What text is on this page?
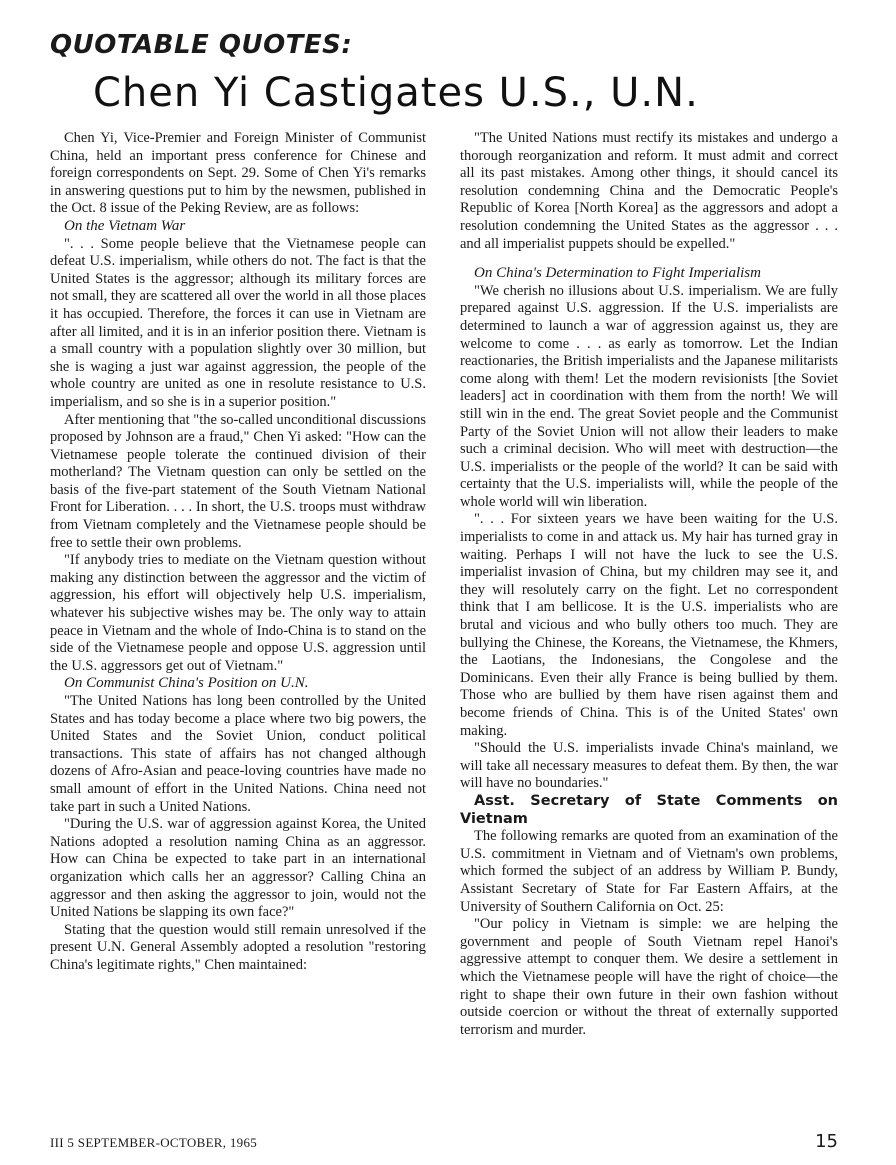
QUOTABLE QUOTES:
Chen Yi Castigates U.S., U.N.

Chen Yi, Vice-Premier and Foreign Minister of Communist China, held an important press conference for Chinese and foreign correspondents on Sept. 29. Some of Chen Yi's remarks in answering questions put to him by the newsmen, published in the Oct. 8 issue of the Peking Review, are as follows:

On the Vietnam War

". . . Some people believe that the Vietnamese people can defeat U.S. imperialism, while others do not. The fact is that the United States is the aggressor; although its military forces are not small, they are scattered all over the world in all those places it has occupied. Therefore, the forces it can use in Vietnam are after all limited, and it is in an inferior position there. Vietnam is a small country with a population slightly over 30 million, but she is waging a just war against aggression, the people of the whole country are united as one in resolute resistance to U.S. imperialism, and so she is in a superior position."

After mentioning that "the so-called unconditional discussions proposed by Johnson are a fraud," Chen Yi asked: "How can the Vietnamese people tolerate the continued division of their motherland? The Vietnam question can only be settled on the basis of the five-part statement of the South Vietnam National Front for Liberation. . . . In short, the U.S. troops must withdraw from Vietnam completely and the Vietnamese people should be free to settle their own problems.

"If anybody tries to mediate on the Vietnam question without making any distinction between the aggressor and the victim of aggression, his effort will objectively help U.S. imperialism, whatever his subjective wishes may be. The only way to attain peace in Vietnam and the whole of Indo-China is to stand on the side of the Vietnamese people and oppose U.S. aggression until the U.S. aggressors get out of Vietnam."

On Communist China's Position on U.N.

"The United Nations has long been controlled by the United States and has today become a place where two big powers, the United States and the Soviet Union, conduct political transactions. This state of affairs has not changed although dozens of Afro-Asian and peace-loving countries have made no small amount of effort in the United Nations. China need not take part in such a United Nations.

"During the U.S. war of aggression against Korea, the United Nations adopted a resolution naming China as an aggressor. How can China be expected to take part in an international organization which calls her an aggressor? Calling China an aggressor and then asking the aggressor to join, would not the United Nations be slapping its own face?"

Stating that the question would still remain unresolved if the present U.N. General Assembly adopted a resolution "restoring China's legitimate rights," Chen maintained:

"The United Nations must rectify its mistakes and undergo a thorough reorganization and reform. It must admit and correct all its past mistakes. Among other things, it should cancel its resolution condemning China and the Democratic People's Republic of Korea [North Korea] as the aggressors and adopt a resolution condemning the United States as the aggressor . . . and all imperialist puppets should be expelled."

On China's Determination to Fight Imperialism

"We cherish no illusions about U.S. imperialism. We are fully prepared against U.S. aggression. If the U.S. imperialists are determined to launch a war of aggression against us, they are welcome to come . . . as early as tomorrow. Let the Indian reactionaries, the British imperialists and the Japanese militarists come along with them! Let the modern revisionists [the Soviet leaders] act in coordination with them from the north! We will still win in the end. The great Soviet people and the Communist Party of the Soviet Union will not allow their leaders to make such a criminal decision. Who will meet with destruction—the U.S. imperialists or the people of the world? It can be said with certainty that the U.S. imperialists will, while the people of the whole world will win liberation.

". . . For sixteen years we have been waiting for the U.S. imperialists to come in and attack us. My hair has turned gray in waiting. Perhaps I will not have the luck to see the U.S. imperialist invasion of China, but my children may see it, and they will resolutely carry on the fight. Let no correspondent think that I am bellicose. It is the U.S. imperialists who are brutal and vicious and who bully others too much. They are bullying the Chinese, the Koreans, the Vietnamese, the Khmers, the Laotians, the Indonesians, the Congolese and the Dominicans. Even their ally France is being bullied by them. Those who are bullied by them have risen against them and become friends of China. This is of the United States' own making.

"Should the U.S. imperialists invade China's mainland, we will take all necessary measures to defeat them. By then, the war will have no boundaries."

Asst. Secretary of State Comments on Vietnam

The following remarks are quoted from an examination of the U.S. commitment in Vietnam and of Vietnam's own problems, which formed the subject of an address by William P. Bundy, Assistant Secretary of State for Far Eastern Affairs, at the University of Southern California on Oct. 25:

"Our policy in Vietnam is simple: we are helping the government and people of South Vietnam repel Hanoi's aggressive attempt to conquer them. We desire a settlement in which the Vietnamese people will have the right of choice—the right to shape their own future in their own fashion without outside coercion or without the threat of externally supported terrorism and murder.

III 5 SEPTEMBER-OCTOBER, 1965	15
